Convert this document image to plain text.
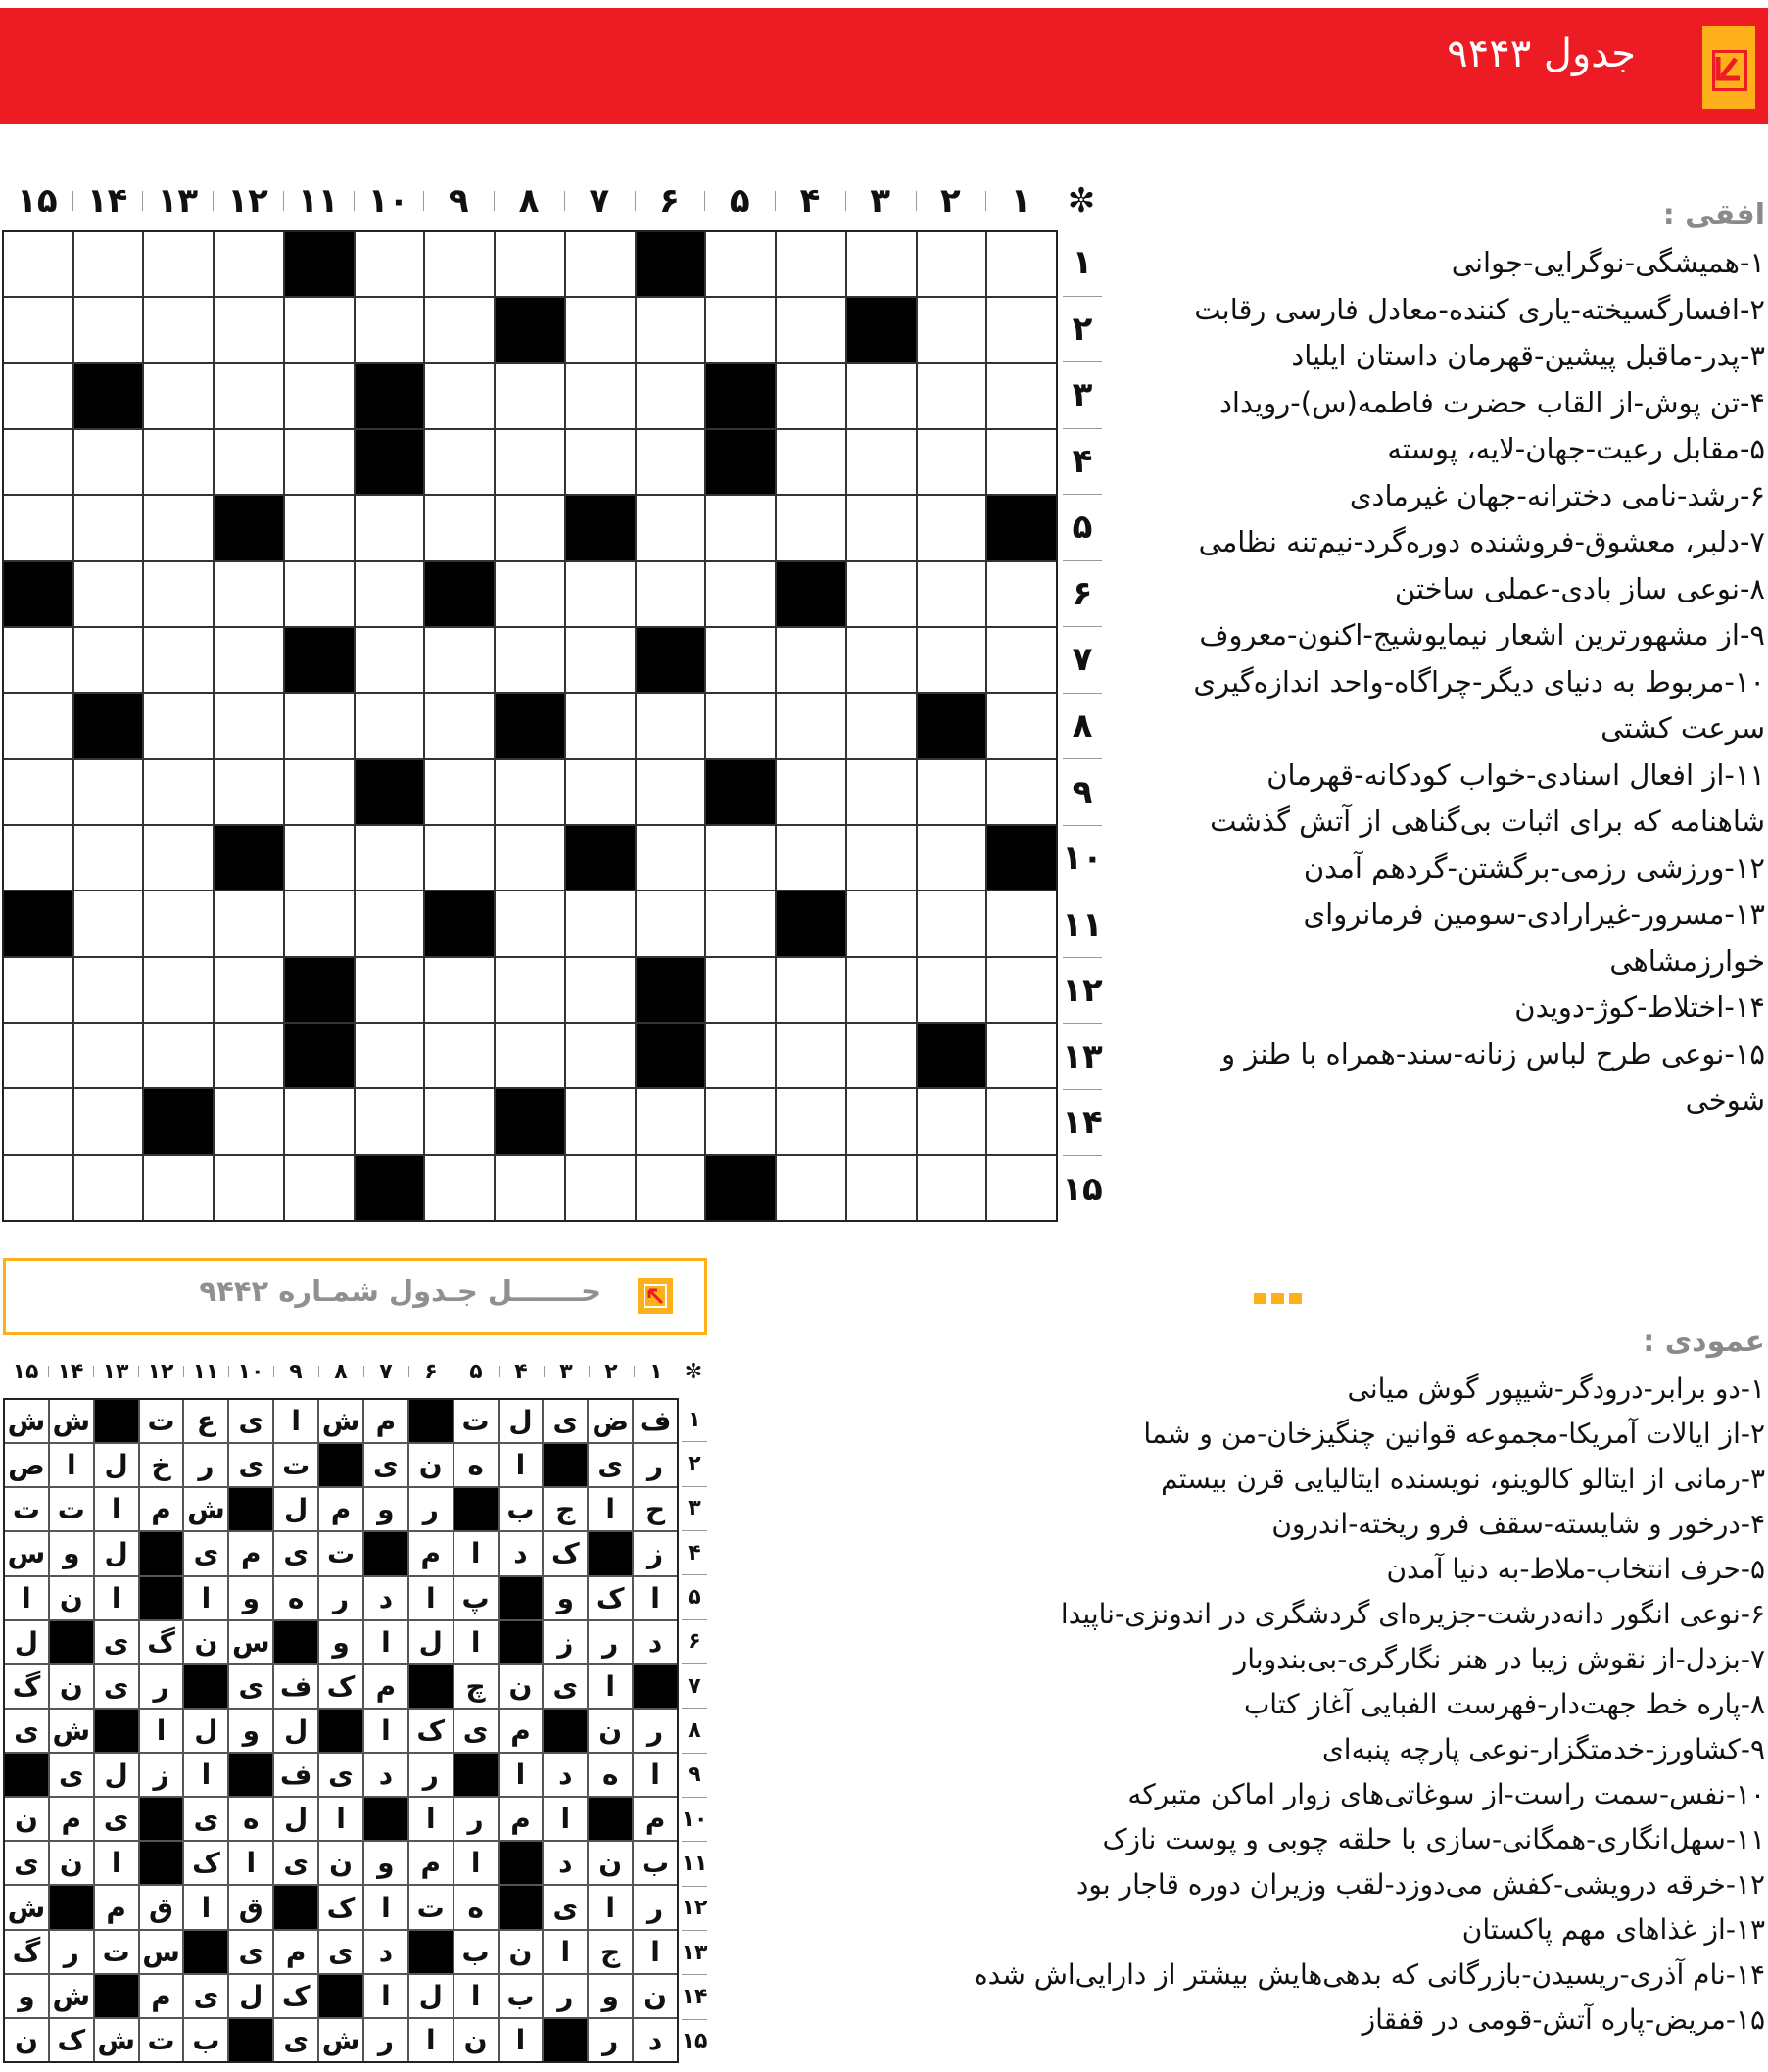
جدول ۹۴۴۳
✼
۱
۲
۳
۴
۵
۶
۷
۸
۹
۱۰
۱۱
۱۲
۱۳
۱۴
۱۵
۱
۲
۳
۴
۵
۶
۷
۸
۹
۱۰
۱۱
۱۲
۱۳
۱۴
۱۵
افقی :
۱-همیشگی-نوگرایی-جوانی
۲-افسارگسیخته-یاری کننده-معادل فارسی رقابت
۳-پدر-ماقبل پیشین-قهرمان داستان ایلیاد
۴-تن پوش-از القاب حضرت فاطمه(س)-رویداد
۵-مقابل رعیت-جهان-لایه، پوسته
۶-رشد-نامی دخترانه-جهان غیرمادی
۷-دلبر، معشوق-فروشنده دوره‌گرد-نیم‌تنه نظامی
۸-نوعی ساز بادی-عملی ساختن
۹-از مشهورترین اشعار نیمایوشیج-اکنون-معروف
۱۰-مربوط به دنیای دیگر-چراگاه-واحد اندازه‌گیری سرعت کشتی
۱۱-از افعال اسنادی-خواب کودکانه-قهرمان شاهنامه که برای اثبات بی‌گناهی از آتش گذشت
۱۲-ورزشی رزمی-برگشتن-گردهم آمدن
۱۳-مسرور-غیرارادی-سومین فرمانروای خوارزمشاهی
۱۴-اختلاط-کوژ-دویدن
۱۵-نوعی طرح لباس زنانه-سند-همراه با طنز و شوخی
عمودی :
۱-دو برابر-درودگر-شیپور گوش میانی
۲-از ایالات آمریکا-مجموعه قوانین چنگیزخان-من و شما
۳-رمانی از ایتالو کالوینو، نویسنده ایتالیایی قرن بیستم
۴-درخور و شایسته-سقف فرو ریخته-اندرون
۵-حرف انتخاب-ملاط-به دنیا آمدن
۶-نوعی انگور دانه‌درشت-جزیره‌ای گردشگری در اندونزی-ناپیدا
۷-بزدل-از نقوش زیبا در هنر نگارگری-بی‌بندوبار
۸-پاره خط جهت‌دار-فهرست الفبایی آغاز کتاب
۹-کشاورز-خدمتگزار-نوعی پارچه پنبه‌ای
۱۰-نفس-سمت راست-از سوغاتی‌های زوار اماکن متبرکه
۱۱-سهل‌انگاری-همگانی-سازی با حلقه چوبی و پوست نازک
۱۲-خرقه درویشی-کفش می‌دوزد-لقب وزیران دوره قاجار بود
۱۳-از غذاهای مهم پاکستان
۱۴-نام آذری-ریسیدن-بازرگانی که بدهی‌هایش بیشتر از دارایی‌اش شده
۱۵-مریض-پاره آتش-قومی در قفقاز
حـــــــل جـدول شمـاره ۹۴۴۲
✼
۱
۲
۳
۴
۵
۶
۷
۸
۹
۱۰
۱۱
۱۲
۱۳
۱۴
۱۵
ف
ض
ی
ل
ت
م
ش
ا
ی
ع
ت
ش
ش
ر
ی
ا
ه
ن
ی
ت
ی
ر
خ
ل
ا
ص
ح
ا
ج
ب
ر
و
م
ل
ش
م
ا
ت
ت
ز
ک
د
ا
م
ت
ی
م
ی
ل
و
س
ا
ک
و
پ
ا
د
ر
ه
و
ا
ا
ن
ا
د
ر
ز
ا
ل
ا
و
س
ن
گ
ی
ل
ا
ی
ن
چ
م
ک
ف
ی
ر
ی
ن
گ
ر
ن
م
ی
ک
ا
ل
و
ل
ا
ش
ی
ا
ه
د
ا
ر
د
ی
ف
ا
ز
ل
ی
م
ا
م
ر
ا
ا
ل
ه
ی
ی
م
ن
ب
ن
د
ا
م
و
ن
ی
ا
ک
ا
ن
ی
ر
ا
ی
ه
ت
ا
ک
ق
ا
ق
م
ش
ا
ج
ا
ن
ب
د
ی
م
ی
س
ت
ر
گ
ن
و
ر
ب
ا
ل
ا
ک
ل
ی
م
ش
و
د
ر
ا
ن
ا
ر
ش
ی
ب
ت
ش
ک
ن
۱
۲
۳
۴
۵
۶
۷
۸
۹
۱۰
۱۱
۱۲
۱۳
۱۴
۱۵
